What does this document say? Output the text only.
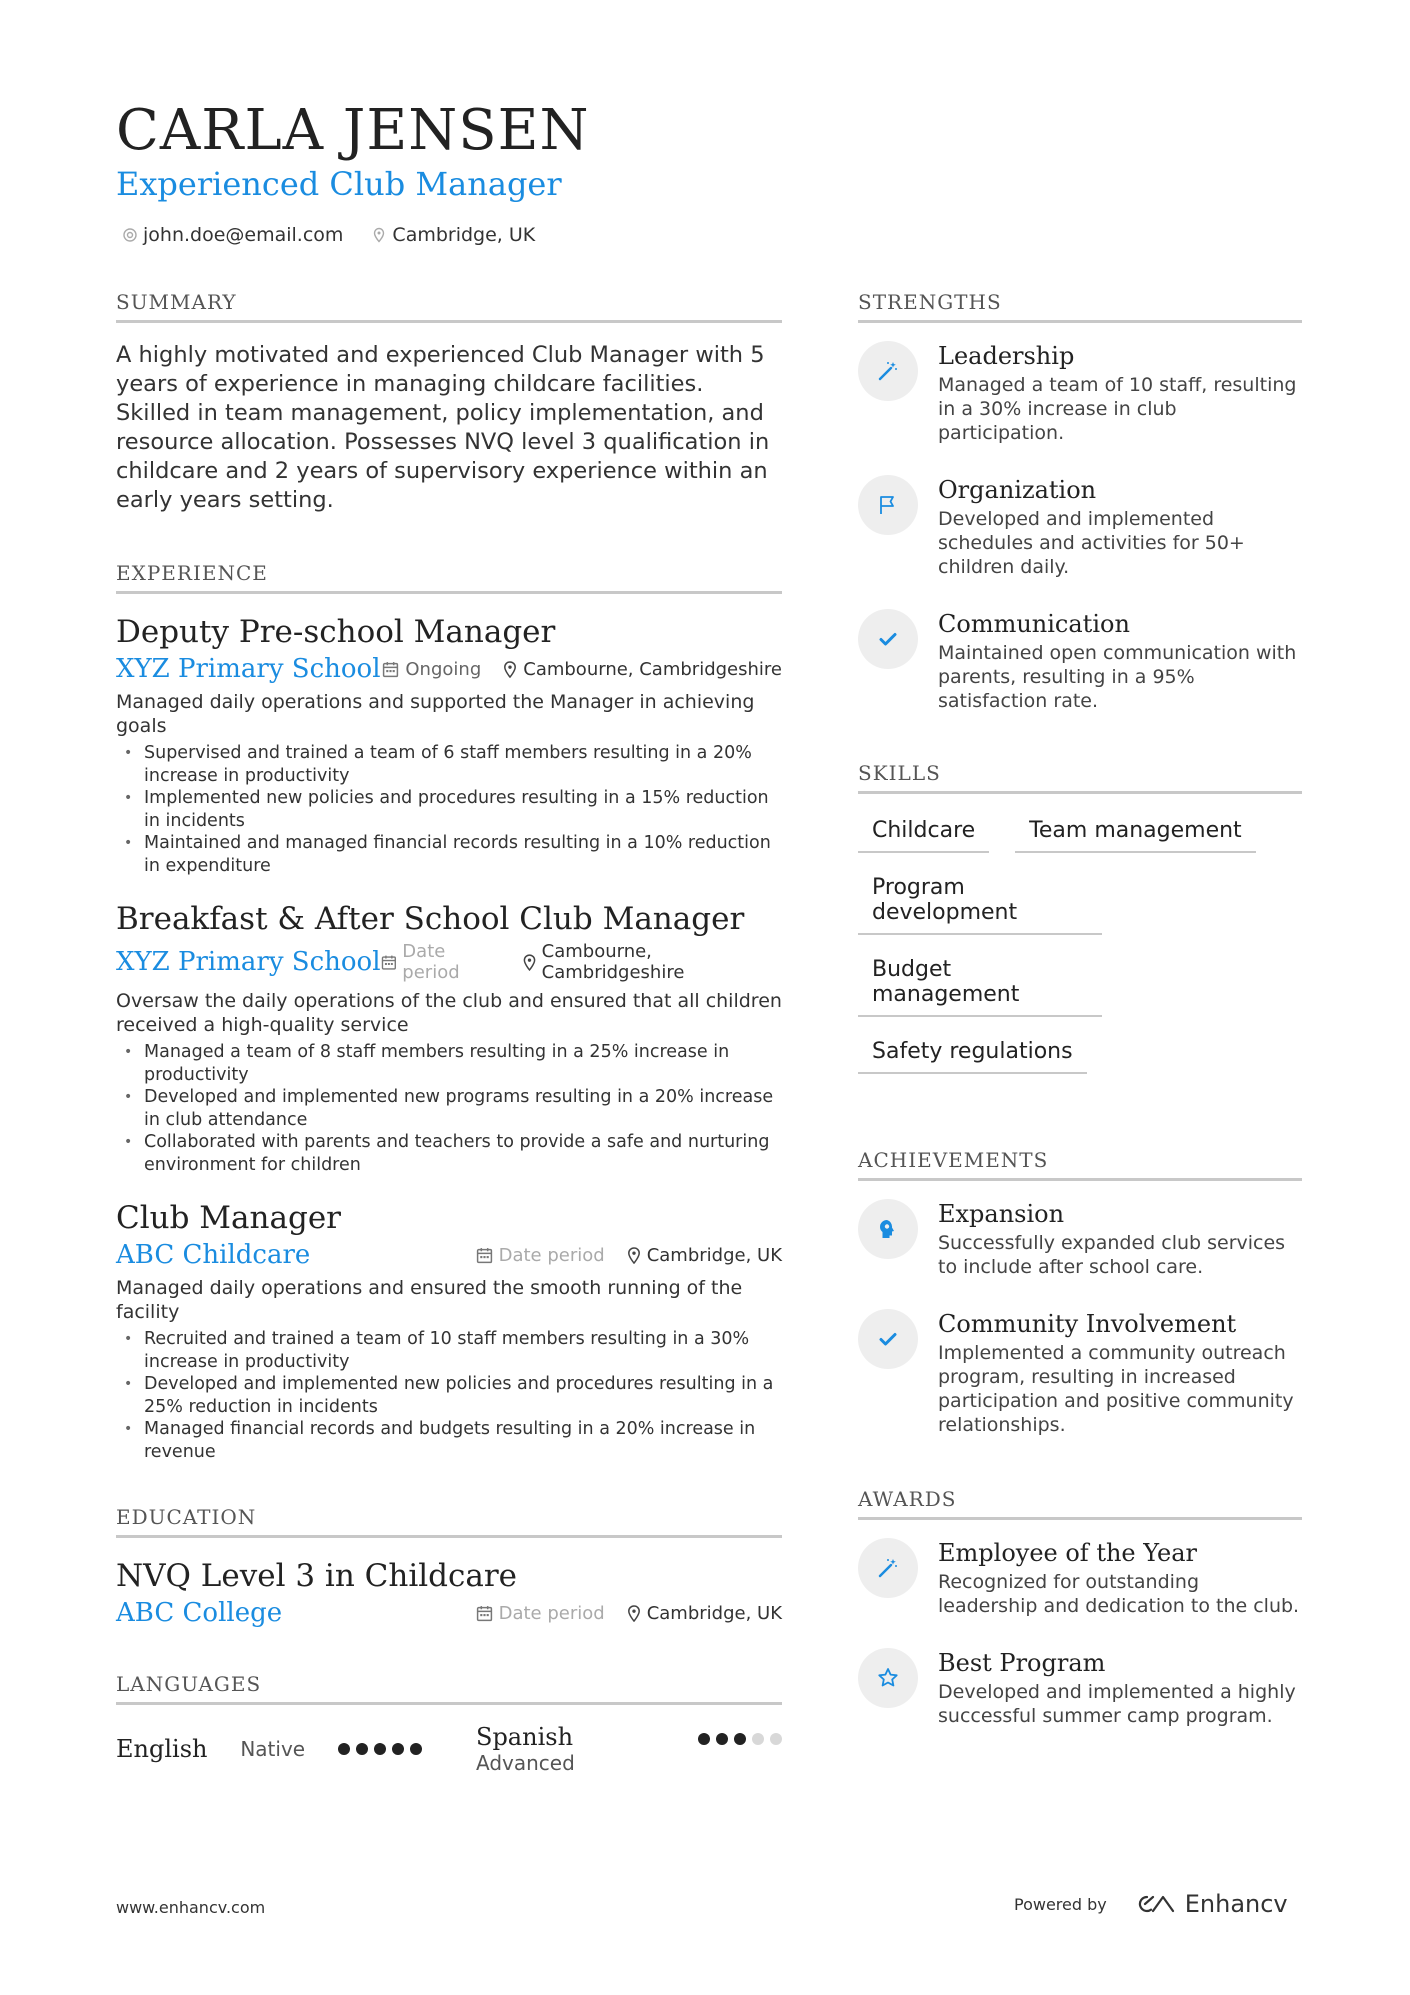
CARLA JENSEN
Experienced Club Manager
john.doe@email.com	Cambridge, UK
SUMMARY

A highly motivated and experienced Club Manager with 5 years of experience in managing childcare facilities. Skilled in team management, policy implementation, and resource allocation. Possesses NVQ level 3 qualification in childcare and 2 years of supervisory experience within an early years setting.

EXPERIENCE
Deputy Pre-school Manager
XYZ Primary School Ongoing Cambourne, Cambridgeshire

Managed daily operations and supported the Manager in achieving goals

• Supervised and trained a team of 6 staff members resulting in a 20% increase in productivity
• Implemented new policies and procedures resulting in a 15% reduction in incidents
• Maintained and managed financial records resulting in a 10% reduction in expenditure
Breakfast & After School Club Manager
XYZ Primary School Date period
Cambourne, Cambridgeshire

Oversaw the daily operations of the club and ensured that all children received a high-quality service

• Managed a team of 8 staff members resulting in a 25% increase in productivity
• Developed and implemented new programs resulting in a 20% increase in club attendance
• Collaborated with parents and teachers to provide a safe and nurturing environment for children
Club Manager
ABC Childcare	Date period Cambridge, UK

Managed daily operations and ensured the smooth running of the facility

• Recruited and trained a team of 10 staff members resulting in a 30% increase in productivity
• Developed and implemented new policies and procedures resulting in a 25% reduction in incidents
• Managed financial records and budgets resulting in a 20% increase in revenue
EDUCATION
NVQ Level 3 in Childcare
ABC College	Date period Cambridge, UK
LANGUAGES
English Native	Spanish
Advanced
STRENGTHS
Leadership
Managed a team of 10 staff, resulting in a 30% increase in club participation.
Organization
Developed and implemented schedules and activities for 50+ children daily.
Communication
Maintained open communication with parents, resulting in a 95% satisfaction rate.
SKILLS
Childcare	Team management
Program development
Budget management
Safety regulations
ACHIEVEMENTS
Expansion
Successfully expanded club services to include after school care.
Community Involvement
Implemented a community outreach program, resulting in increased participation and positive community relationships.
AWARDS
Employee of the Year
Recognized for outstanding leadership and dedication to the club.
Best Program
Developed and implemented a highly successful summer camp program.
www.enhancv.com	Powered by	Enhancv
